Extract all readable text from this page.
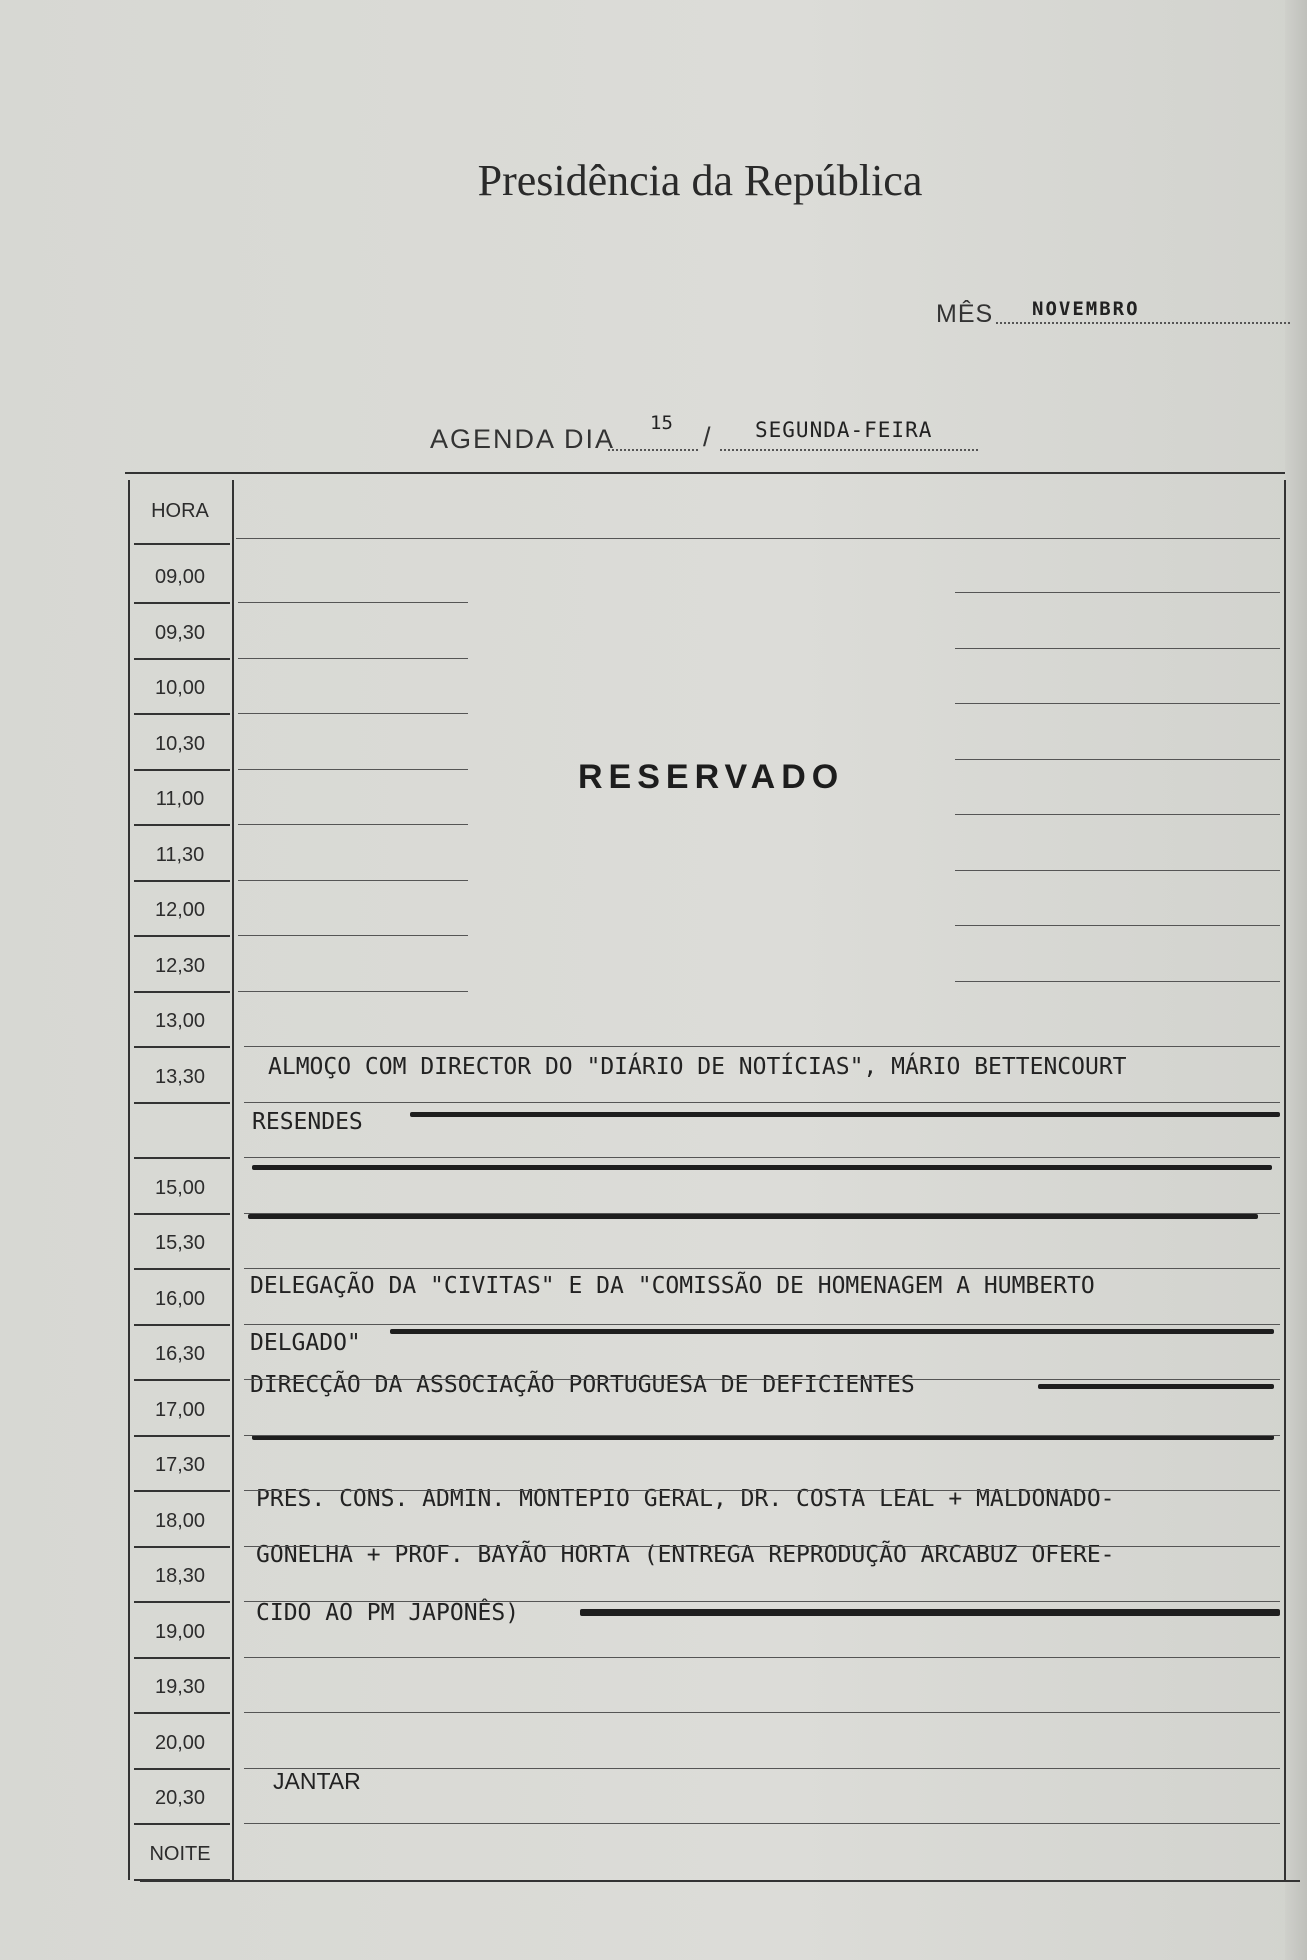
Presidência da República
MÊS NOVEMBRO
AGENDA DIA
15 / SEGUNDA-FEIRA
HORA
09,00
09,30
10,00
10,30
11,00
11,30
12,00
12,30
13,00
13,30
15,00
15,30
16,00
16,30
17,00
17,30
18,00
18,30
19,00
19,30
20,00
20,30
NOITE
RESERVADO
ALMOÇO COM DIRECTOR DO "DIÁRIO DE NOTÍCIAS", MÁRIO BETTENCOURT
RESENDES
DELEGAÇÃO DA "CIVITAS" E DA "COMISSÃO DE HOMENAGEM A HUMBERTO
DELGADO"
DIRECÇÃO DA ASSOCIAÇÃO PORTUGUESA DE DEFICIENTES
PRES. CONS. ADMIN. MONTEPIO GERAL, DR. COSTA LEAL + MALDONADO-
GONELHA + PROF. BAYÃO HORTA (ENTREGA REPRODUÇÃO ARCABUZ OFERE-
CIDO AO PM JAPONÊS)
JANTAR
